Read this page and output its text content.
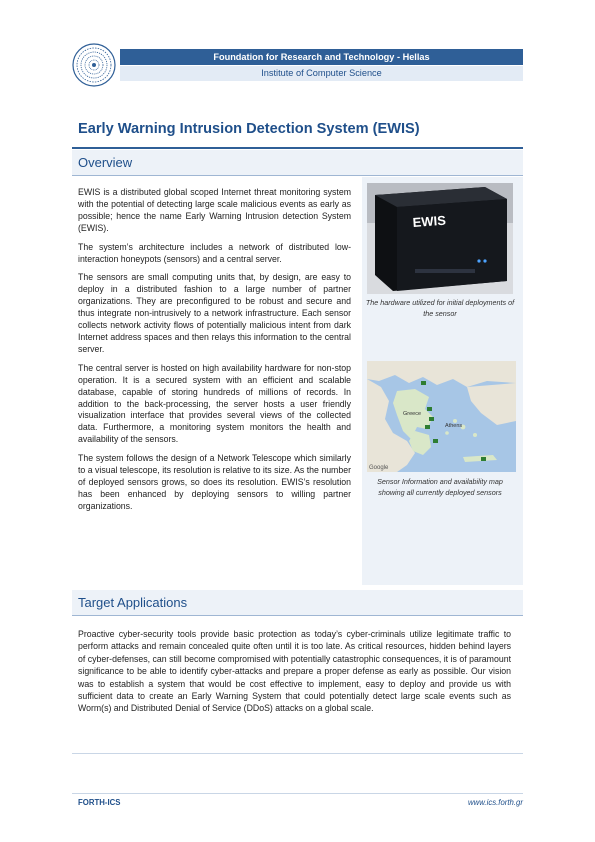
Foundation for Research and Technology - Hellas
Institute of Computer Science
Early Warning Intrusion Detection System (EWIS)
Overview

EWIS is a distributed global scoped Internet threat monitoring system with the potential of detecting large scale malicious events as early as possible; hence the name Early Warning Intrusion detection System (EWIS).

The system’s architecture includes a network of distributed low-interaction honeypots (sensors) and a central server.

The sensors are small computing units that, by design, are easy to deploy in a distributed fashion to a large number of partner organizations. They are preconfigured to be robust and secure and thus integrate non-intrusively to a network infrastructure. Each sensor collects network activity flows of potentially malicious intent from dark Internet address spaces and then relays this information to the central server.

The central server is hosted on high availability hardware for non-stop operation. It is a secured system with an efficient and scalable database, capable of storing hundreds of millions of records. In addition to the back-processing, the server hosts a user friendly visualization interface that provides several views of the collected data. Furthermore, a monitoring system monitors the health and availability of the sensors.

The system follows the design of a Network Telescope which similarly to a visual telescope, its resolution is relative to its size. As the number of deployed sensors grows, so does its resolution. EWIS’s resolution has been enhanced by deploying sensors to willing partner organizations.

EWIS
The hardware utilized for initial deployments of the sensor
Athens
Greece
Google
Sensor Information and availability map showing all currently deployed sensors
Target Applications
Proactive cyber-security tools provide basic protection as today’s cyber-criminals utilize legitimate traffic to perform attacks and remain concealed quite often until it is too late. As critical resources, hidden behind layers of cyber-defenses, can still become compromised with potentially catastrophic consequences, it is of paramount significance to be able to identify cyber-attacks and prepare a proper defense as early as possible. Our vision was to establish a system that would be cost effective to implement, easy to deploy and provide us with sufficient data to create an Early Warning System that could potentially detect large scale events such as Worm(s) and Distributed Denial of Service (DDoS) attacks on a global scale.
FORTH-ICS	www.ics.forth.gr
